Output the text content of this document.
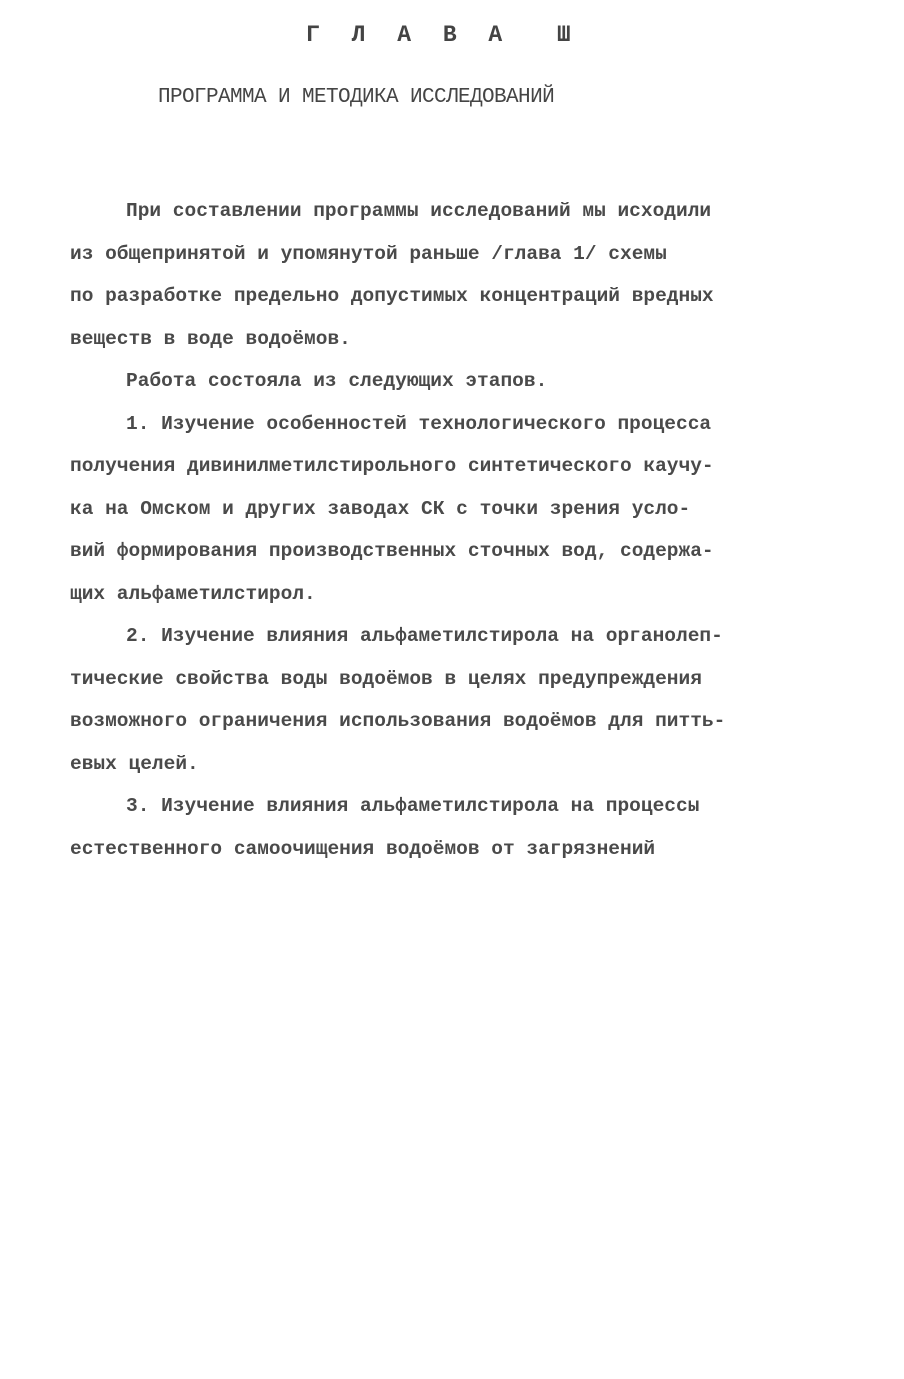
Г Л А В А  Ш
ПРОГРАММА И МЕТОДИКА ИССЛЕДОВАНИЙ
При составлении программы исследований мы исходили
из общепринятой и упомянутой раньше /глава 1/ схемы
по разработке предельно допустимых концентраций вредных
веществ в воде водоёмов.
Работа состояла из следующих этапов.
1. Изучение особенностей технологического процесса
получения дивинилметилстирольного синтетического каучу-
ка на Омском и других заводах СК с точки зрения усло-
вий формирования производственных сточных вод, содержа-
щих альфаметилстирол.
2. Изучение влияния альфаметилстирола на органолеп-
тические свойства воды водоёмов в целях предупреждения
возможного ограничения использования водоёмов для питть-
евых целей.
3. Изучение влияния альфаметилстирола на процессы
естественного самоочищения водоёмов от загрязнений
